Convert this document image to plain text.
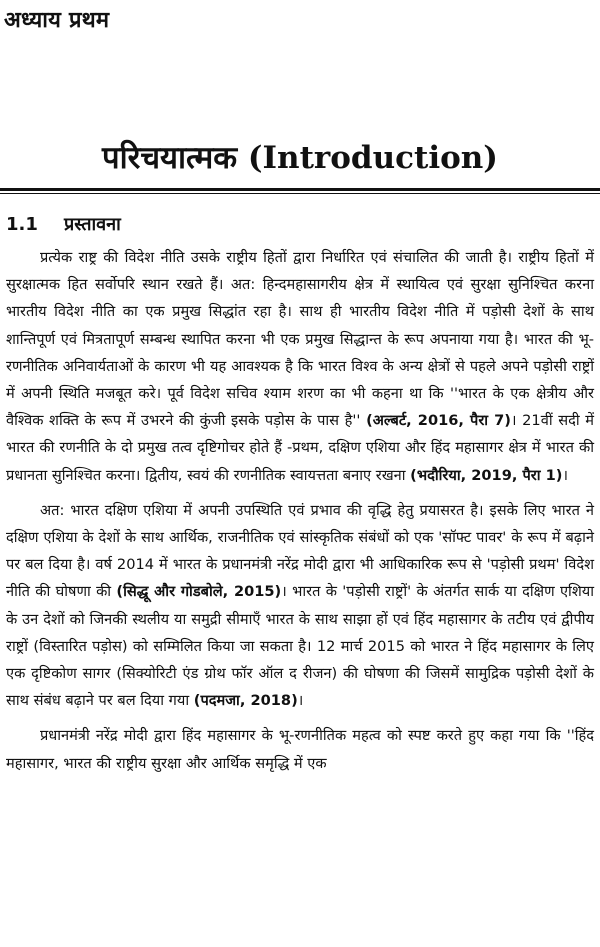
अध्याय प्रथम
परिचयात्मक (Introduction)
1.1 प्रस्तावना

प्रत्येक राष्ट्र की विदेश नीति उसके राष्ट्रीय हितों द्वारा निर्धारित एवं संचालित की जाती है। राष्ट्रीय हितों में सुरक्षात्मक हित सर्वोपरि स्थान रखते हैं। अत: हिन्दमहासागरीय क्षेत्र में स्थायित्व एवं सुरक्षा सुनिश्चित करना भारतीय विदेश नीति का एक प्रमुख सिद्धांत रहा है। साथ ही भारतीय विदेश नीति में पड़ोसी देशों के साथ शान्तिपूर्ण एवं मित्रतापूर्ण सम्बन्ध स्थापित करना भी एक प्रमुख सिद्धान्त के रूप अपनाया गया है। भारत की भू-रणनीतिक अनिवार्यताओं के कारण भी यह आवश्यक है कि भारत विश्व के अन्य क्षेत्रों से पहले अपने पड़ोसी राष्ट्रों में अपनी स्थिति मजबूत करे। पूर्व विदेश सचिव श्याम शरण का भी कहना था कि ''भारत के एक क्षेत्रीय और वैश्विक शक्ति के रूप में उभरने की कुंजी इसके पड़ोस के पास है'' (अल्बर्ट, 2016, पैरा 7)। 21वीं सदी में भारत की रणनीति के दो प्रमुख तत्व दृष्टिगोचर होते हैं -प्रथम, दक्षिण एशिया और हिंद महासागर क्षेत्र में भारत की प्रधानता सुनिश्चित करना। द्वितीय, स्वयं की रणनीतिक स्वायत्तता बनाए रखना (भदौरिया, 2019, पैरा 1)।

अत: भारत दक्षिण एशिया में अपनी उपस्थिति एवं प्रभाव की वृद्धि हेतु प्रयासरत है। इसके लिए भारत ने दक्षिण एशिया के देशों के साथ आर्थिक, राजनीतिक एवं सांस्कृतिक संबंधों को एक 'सॉफ्ट पावर' के रूप में बढ़ाने पर बल दिया है। वर्ष 2014 में भारत के प्रधानमंत्री नरेंद्र मोदी द्वारा भी आधिकारिक रूप से 'पड़ोसी प्रथम' विदेश नीति की घोषणा की (सिद्धू और गोडबोले, 2015)। भारत के 'पड़ोसी राष्ट्रों' के अंतर्गत सार्क या दक्षिण एशिया के उन देशों को जिनकी स्थलीय या समुद्री सीमाएँ भारत के साथ साझा हों एवं हिंद महासागर के तटीय एवं द्वीपीय राष्ट्रों (विस्तारित पड़ोस) को सम्मिलित किया जा सकता है। 12 मार्च 2015 को भारत ने हिंद महासागर के लिए एक दृष्टिकोण सागर (सिक्योरिटी एंड ग्रोथ फॉर ऑल द रीजन) की घोषणा की जिसमें सामुद्रिक पड़ोसी देशों के साथ संबंध बढ़ाने पर बल दिया गया (पदमजा, 2018)।

प्रधानमंत्री नरेंद्र मोदी द्वारा हिंद महासागर के भू-रणनीतिक महत्व को स्पष्ट करते हुए कहा गया कि ''हिंद महासागर, भारत की राष्ट्रीय सुरक्षा और आर्थिक समृद्धि में एक
